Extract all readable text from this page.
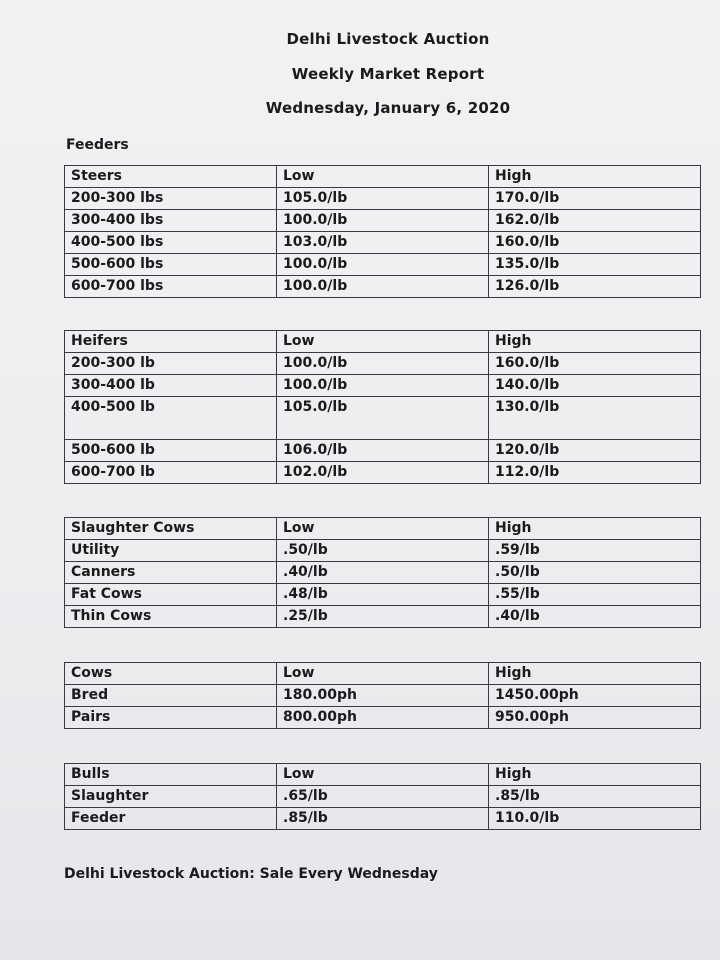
Delhi Livestock Auction
Weekly Market Report
Wednesday, January 6, 2020
Feeders
Steers	Low	High
200-300 lbs	105.0/lb	170.0/lb
300-400 lbs	100.0/lb	162.0/lb
400-500 lbs	103.0/lb	160.0/lb
500-600 lbs	100.0/lb	135.0/lb
600-700 lbs	100.0/lb	126.0/lb
Heifers	Low	High
200-300 lb	100.0/lb	160.0/lb
300-400 lb	100.0/lb	140.0/lb
400-500 lb	105.0/lb	130.0/lb
500-600 lb	106.0/lb	120.0/lb
600-700 lb	102.0/lb	112.0/lb
Slaughter Cows	Low	High
Utility	.50/lb	.59/lb
Canners	.40/lb	.50/lb
Fat Cows	.48/lb	.55/lb
Thin Cows	.25/lb	.40/lb
Cows	Low	High
Bred	180.00ph	1450.00ph
Pairs	800.00ph	950.00ph
Bulls	Low	High
Slaughter	.65/lb	.85/lb
Feeder	.85/lb	110.0/lb
Delhi Livestock Auction: Sale Every Wednesday
